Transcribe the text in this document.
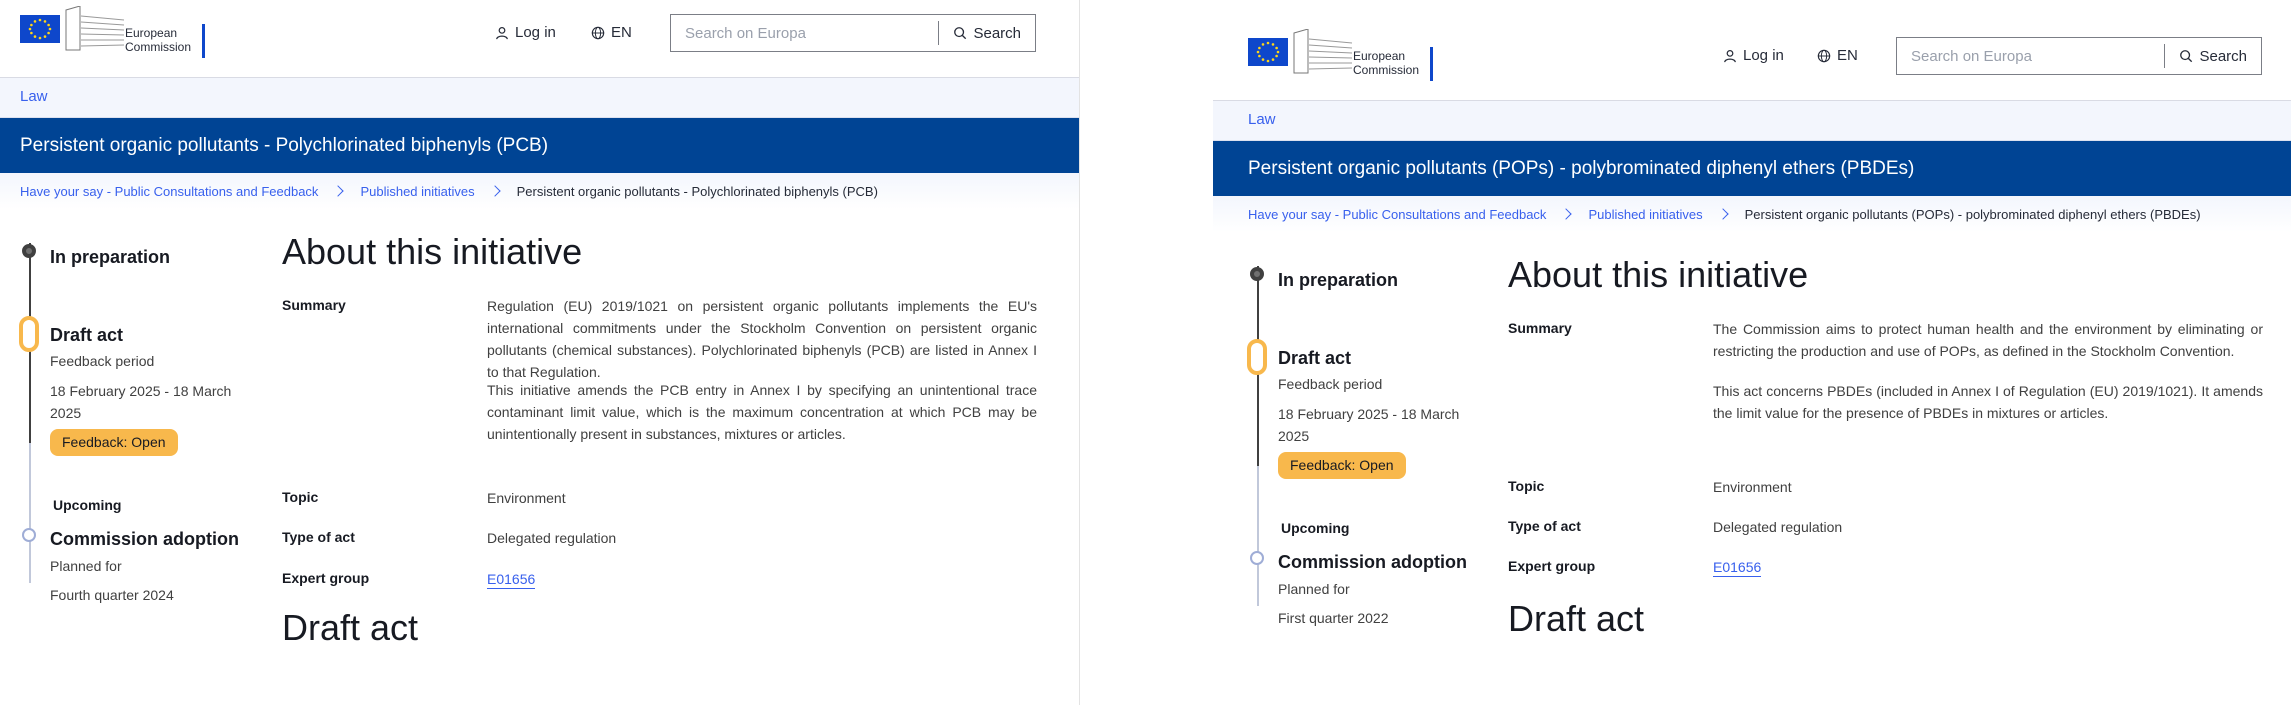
European
Commission
Log in	EN
Search on Europa	Search
Law
Persistent organic pollutants - Polychlorinated biphenyls (PCB)
Have your say - Public Consultations and Feedback	Published initiatives	Persistent organic pollutants - Polychlorinated biphenyls (PCB)
In preparation
Draft act
Feedback period
18 February 2025 - 18 March 2025
Feedback: Open
Upcoming
Commission adoption
Planned for
Fourth quarter 2024
About this initiative
Summary	Regulation (EU) 2019/1021 on persistent organic pollutants implements the EU's international commitments under the Stockholm Convention on persistent organic pollutants (chemical substances). Polychlorinated biphenyls (PCB) are listed in Annex I to that Regulation.
This initiative amends the PCB entry in Annex I by specifying an unintentional trace contaminant limit value, which is the maximum concentration at which PCB may be unintentionally present in substances, mixtures or articles.
Topic	Environment
Type of act	Delegated regulation
Expert group	E01656
Draft act
European
Commission
Log in	EN
Search on Europa	Search
Law
Persistent organic pollutants (POPs) - polybrominated diphenyl ethers (PBDEs)
Have your say - Public Consultations and Feedback	Published initiatives	Persistent organic pollutants (POPs) - polybrominated diphenyl ethers (PBDEs)
In preparation
Draft act
Feedback period
18 February 2025 - 18 March 2025
Feedback: Open
Upcoming
Commission adoption
Planned for
First quarter 2022
About this initiative
Summary	The Commission aims to protect human health and the environment by eliminating or restricting the production and use of POPs, as defined in the Stockholm Convention.
This act concerns PBDEs (included in Annex I of Regulation (EU) 2019/1021). It amends the limit value for the presence of PBDEs in mixtures or articles.
Topic	Environment
Type of act	Delegated regulation
Expert group	E01656
Draft act
